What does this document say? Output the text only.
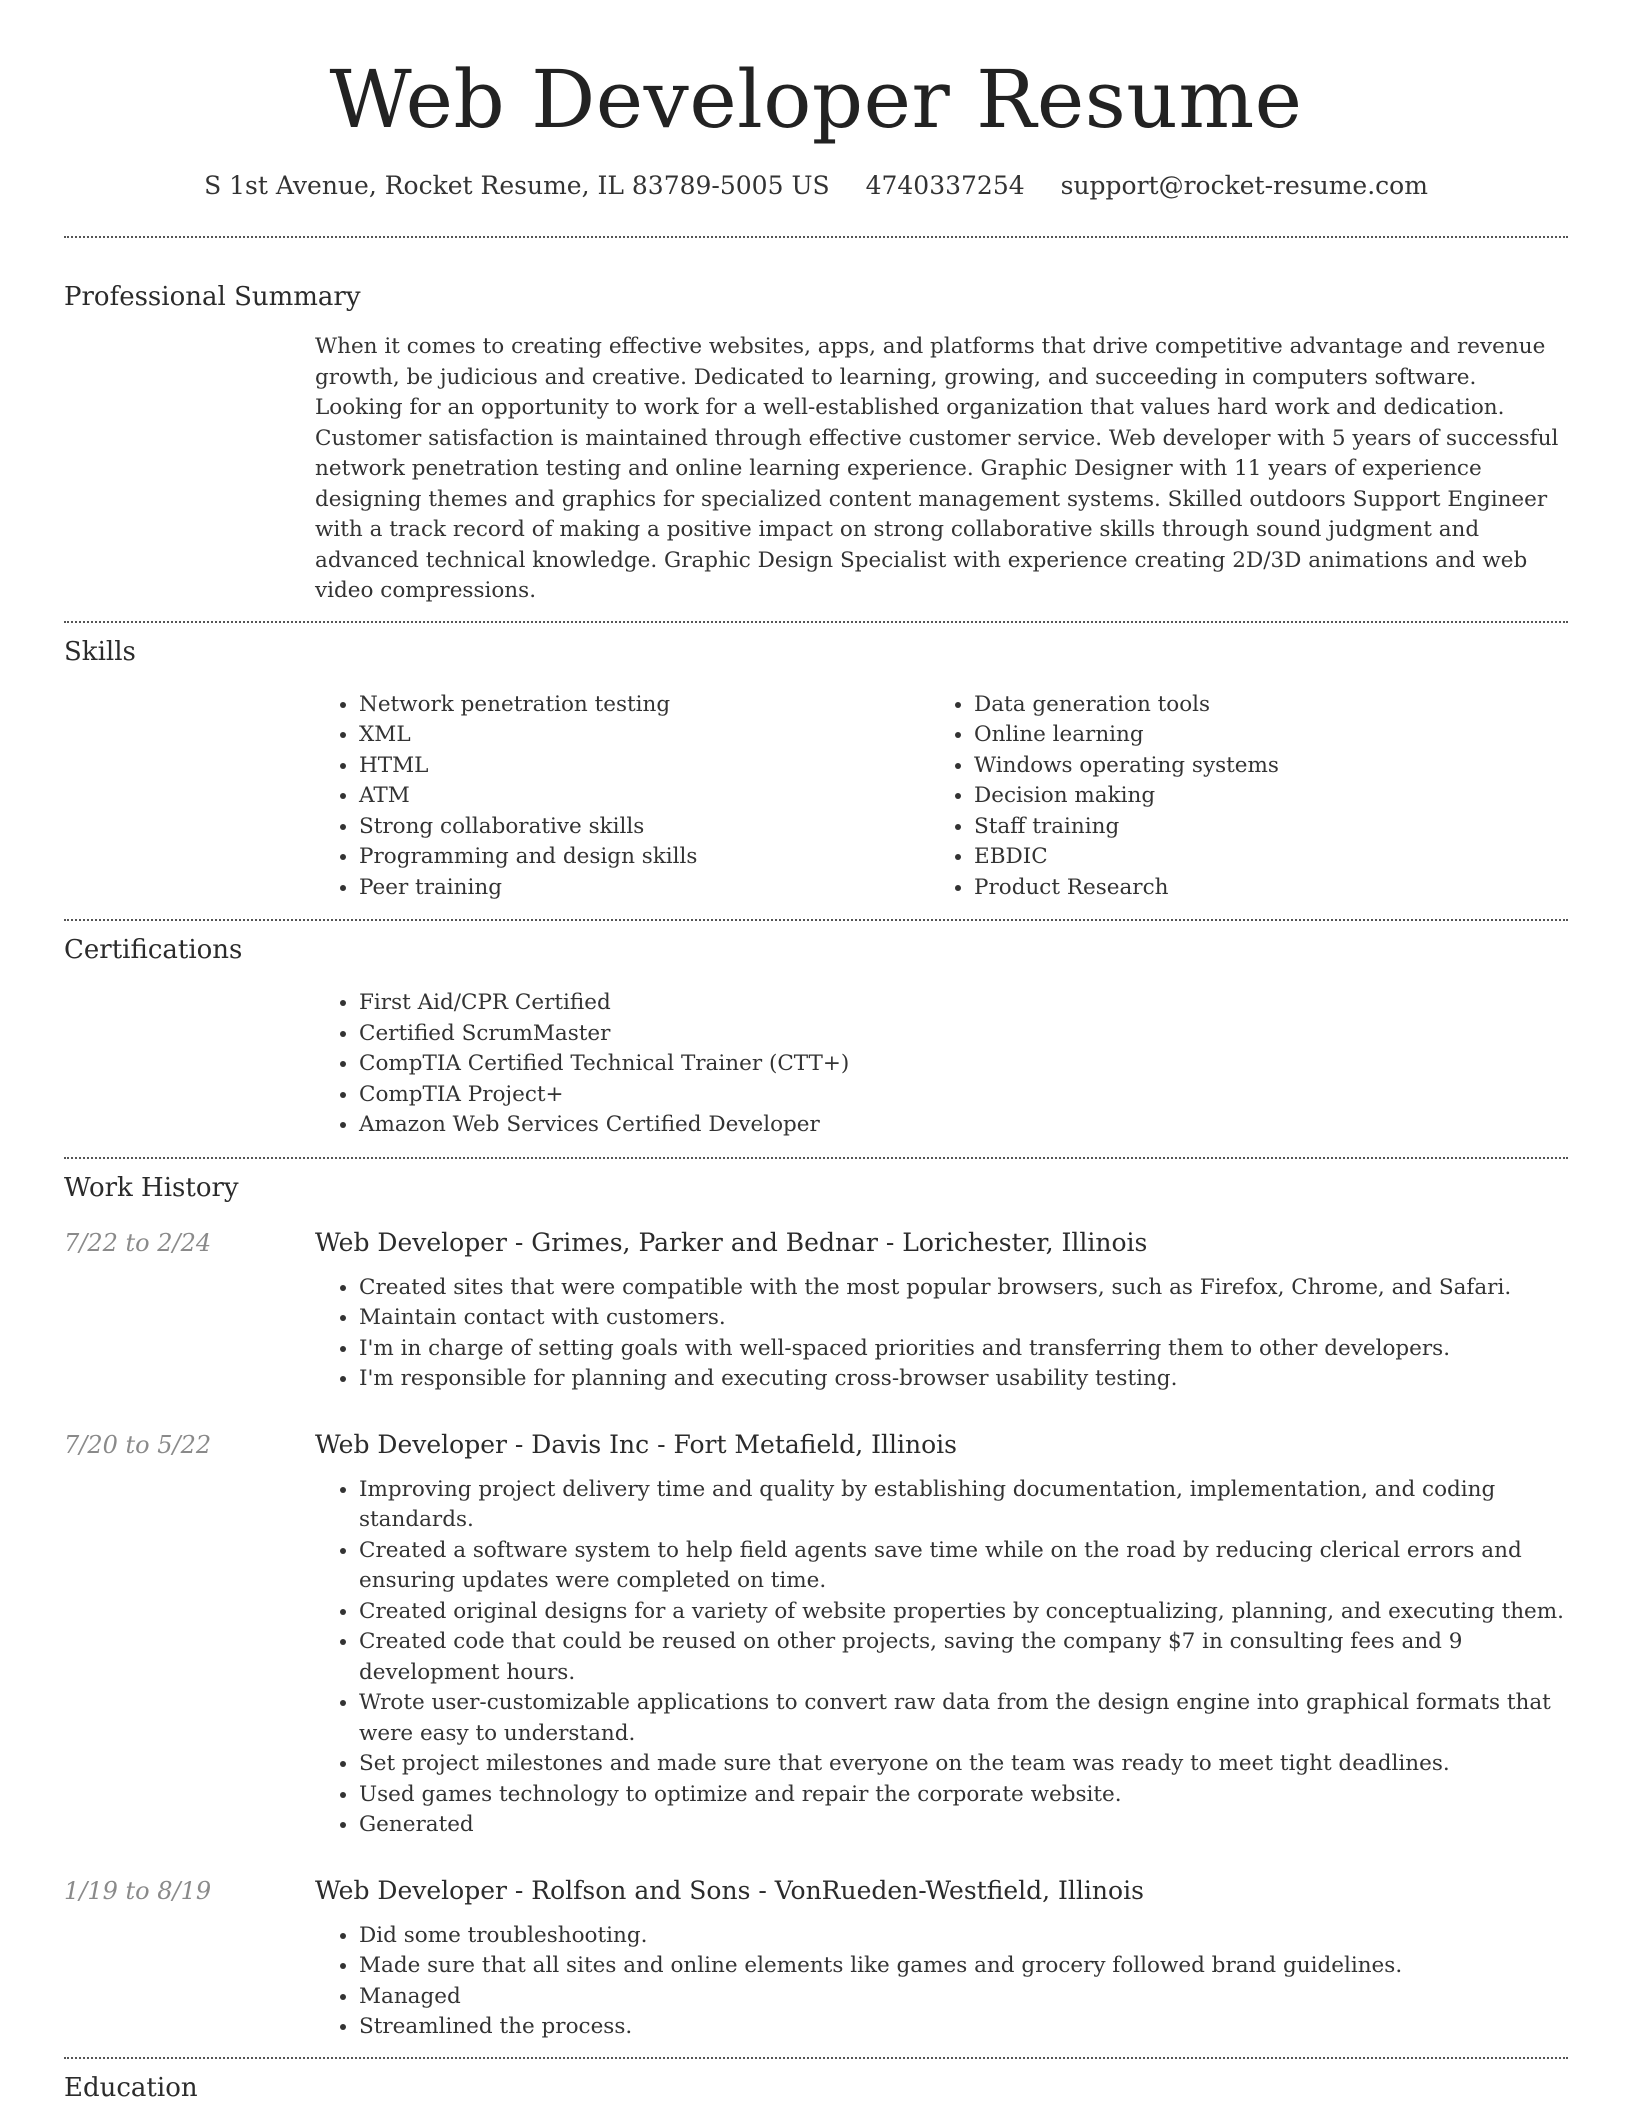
Web Developer Resume
S 1st Avenue, Rocket Resume, IL 83789-5005 US 4740337254 support@rocket-resume.com
Professional Summary
When it comes to creating effective websites, apps, and platforms that drive competitive advantage and revenue growth, be judicious and creative. Dedicated to learning, growing, and succeeding in computers software. Looking for an opportunity to work for a well-established organization that values hard work and dedication. Customer satisfaction is maintained through effective customer service. Web developer with 5 years of successful network penetration testing and online learning experience. Graphic Designer with 11 years of experience designing themes and graphics for specialized content management systems. Skilled outdoors Support Engineer with a track record of making a positive impact on strong collaborative skills through sound judgment and advanced technical knowledge. Graphic Design Specialist with experience creating 2D/3D animations and web video compressions.
Skills
• Network penetration testing
• XML
• HTML
• ATM
• Strong collaborative skills
• Programming and design skills
• Peer training
• Data generation tools
• Online learning
• Windows operating systems
• Decision making
• Staff training
• EBDIC
• Product Research
Certifications
• First Aid/CPR Certified
• Certified ScrumMaster
• CompTIA Certified Technical Trainer (CTT+)
• CompTIA Project+
• Amazon Web Services Certified Developer
Work History
7/22 to 2/24	Web Developer - Grimes, Parker and Bednar - Lorichester, Illinois
• Created sites that were compatible with the most popular browsers, such as Firefox, Chrome, and Safari.
• Maintain contact with customers.
• I'm in charge of setting goals with well-spaced priorities and transferring them to other developers.
• I'm responsible for planning and executing cross-browser usability testing.
7/20 to 5/22	Web Developer - Davis Inc - Fort Metafield, Illinois
• Improving project delivery time and quality by establishing documentation, implementation, and coding standards.
• Created a software system to help field agents save time while on the road by reducing clerical errors and ensuring updates were completed on time.
• Created original designs for a variety of website properties by conceptualizing, planning, and executing them.
• Created code that could be reused on other projects, saving the company $7 in consulting fees and 9 development hours.
• Wrote user-customizable applications to convert raw data from the design engine into graphical formats that were easy to understand.
• Set project milestones and made sure that everyone on the team was ready to meet tight deadlines.
• Used games technology to optimize and repair the corporate website.
• Generated
1/19 to 8/19	Web Developer - Rolfson and Sons - VonRueden-Westfield, Illinois
• Did some troubleshooting.
• Made sure that all sites and online elements like games and grocery followed brand guidelines.
• Managed
• Streamlined the process.
Education
